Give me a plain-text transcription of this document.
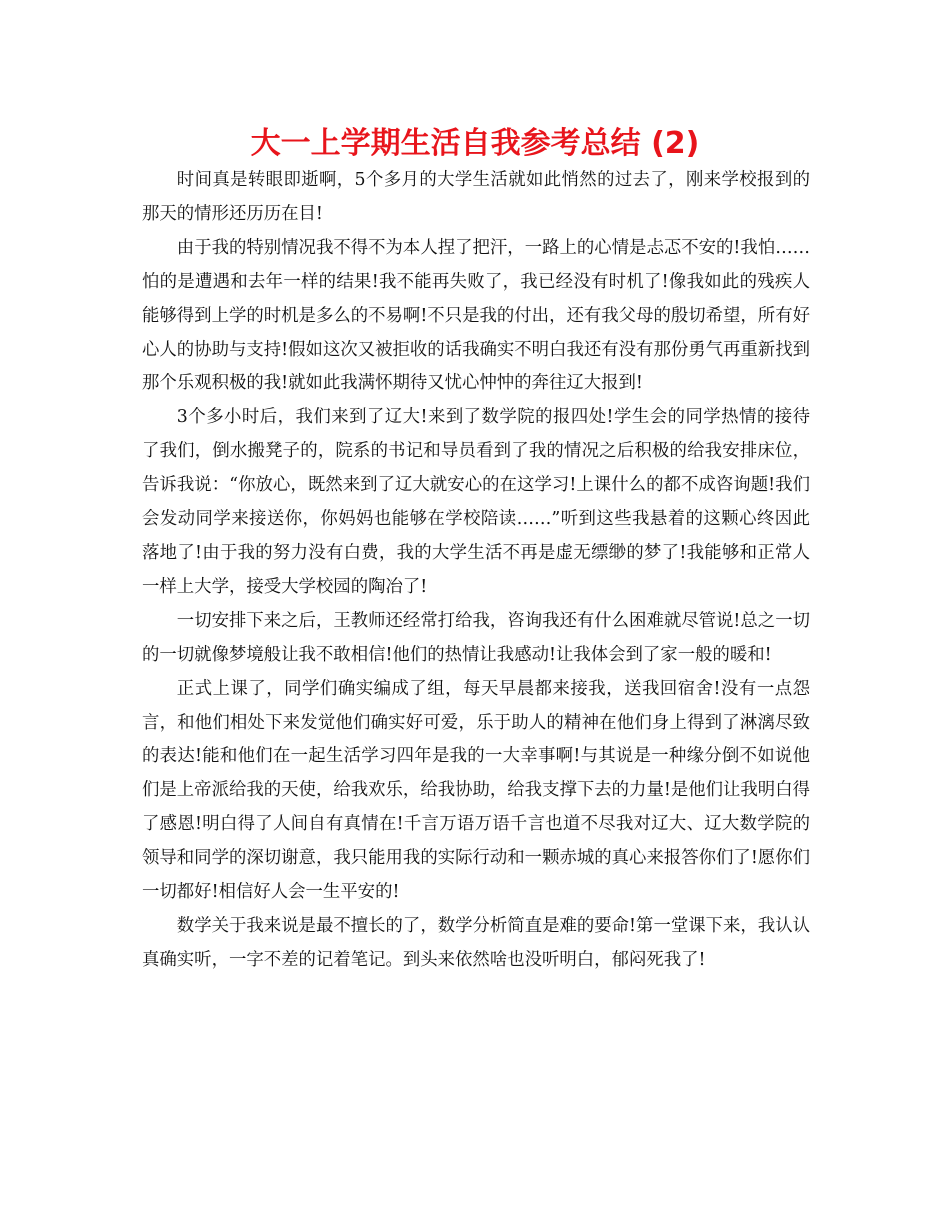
大一上学期生活自我参考总结 (2)

时间真是转眼即逝啊，5个多月的大学生活就如此悄然的过去了，刚来学校报到的那天的情形还历历在目!

由于我的特别情况我不得不为本人捏了把汗，一路上的心情是忐忑不安的!我怕……怕的是遭遇和去年一样的结果!我不能再失败了，我已经没有时机了!像我如此的残疾人能够得到上学的时机是多么的不易啊!不只是我的付出，还有我父母的殷切希望，所有好心人的协助与支持!假如这次又被拒收的话我确实不明白我还有没有那份勇气再重新找到那个乐观积极的我!就如此我满怀期待又忧心忡忡的奔往辽大报到!

3个多小时后，我们来到了辽大!来到了数学院的报四处!学生会的同学热情的接待了我们，倒水搬凳子的，院系的书记和导员看到了我的情况之后积极的给我安排床位，告诉我说：“你放心，既然来到了辽大就安心的在这学习!上课什么的都不成咨询题!我们会发动同学来接送你，你妈妈也能够在学校陪读……”听到这些我悬着的这颗心终因此落地了!由于我的努力没有白费，我的大学生活不再是虚无缥缈的梦了!我能够和正常人一样上大学，接受大学校园的陶冶了!

一切安排下来之后，王教师还经常打给我，咨询我还有什么困难就尽管说!总之一切的一切就像梦境般让我不敢相信!他们的热情让我感动!让我体会到了家一般的暖和!

正式上课了，同学们确实编成了组，每天早晨都来接我，送我回宿舍!没有一点怨言，和他们相处下来发觉他们确实好可爱，乐于助人的精神在他们身上得到了淋漓尽致的表达!能和他们在一起生活学习四年是我的一大幸事啊!与其说是一种缘分倒不如说他们是上帝派给我的天使，给我欢乐，给我协助，给我支撑下去的力量!是他们让我明白得了感恩!明白得了人间自有真情在!千言万语万语千言也道不尽我对辽大、辽大数学院的领导和同学的深切谢意，我只能用我的实际行动和一颗赤城的真心来报答你们了!愿你们一切都好!相信好人会一生平安的!

数学关于我来说是最不擅长的了，数学分析简直是难的要命!第一堂课下来，我认认真确实听，一字不差的记着笔记。到头来依然啥也没听明白，郁闷死我了!
